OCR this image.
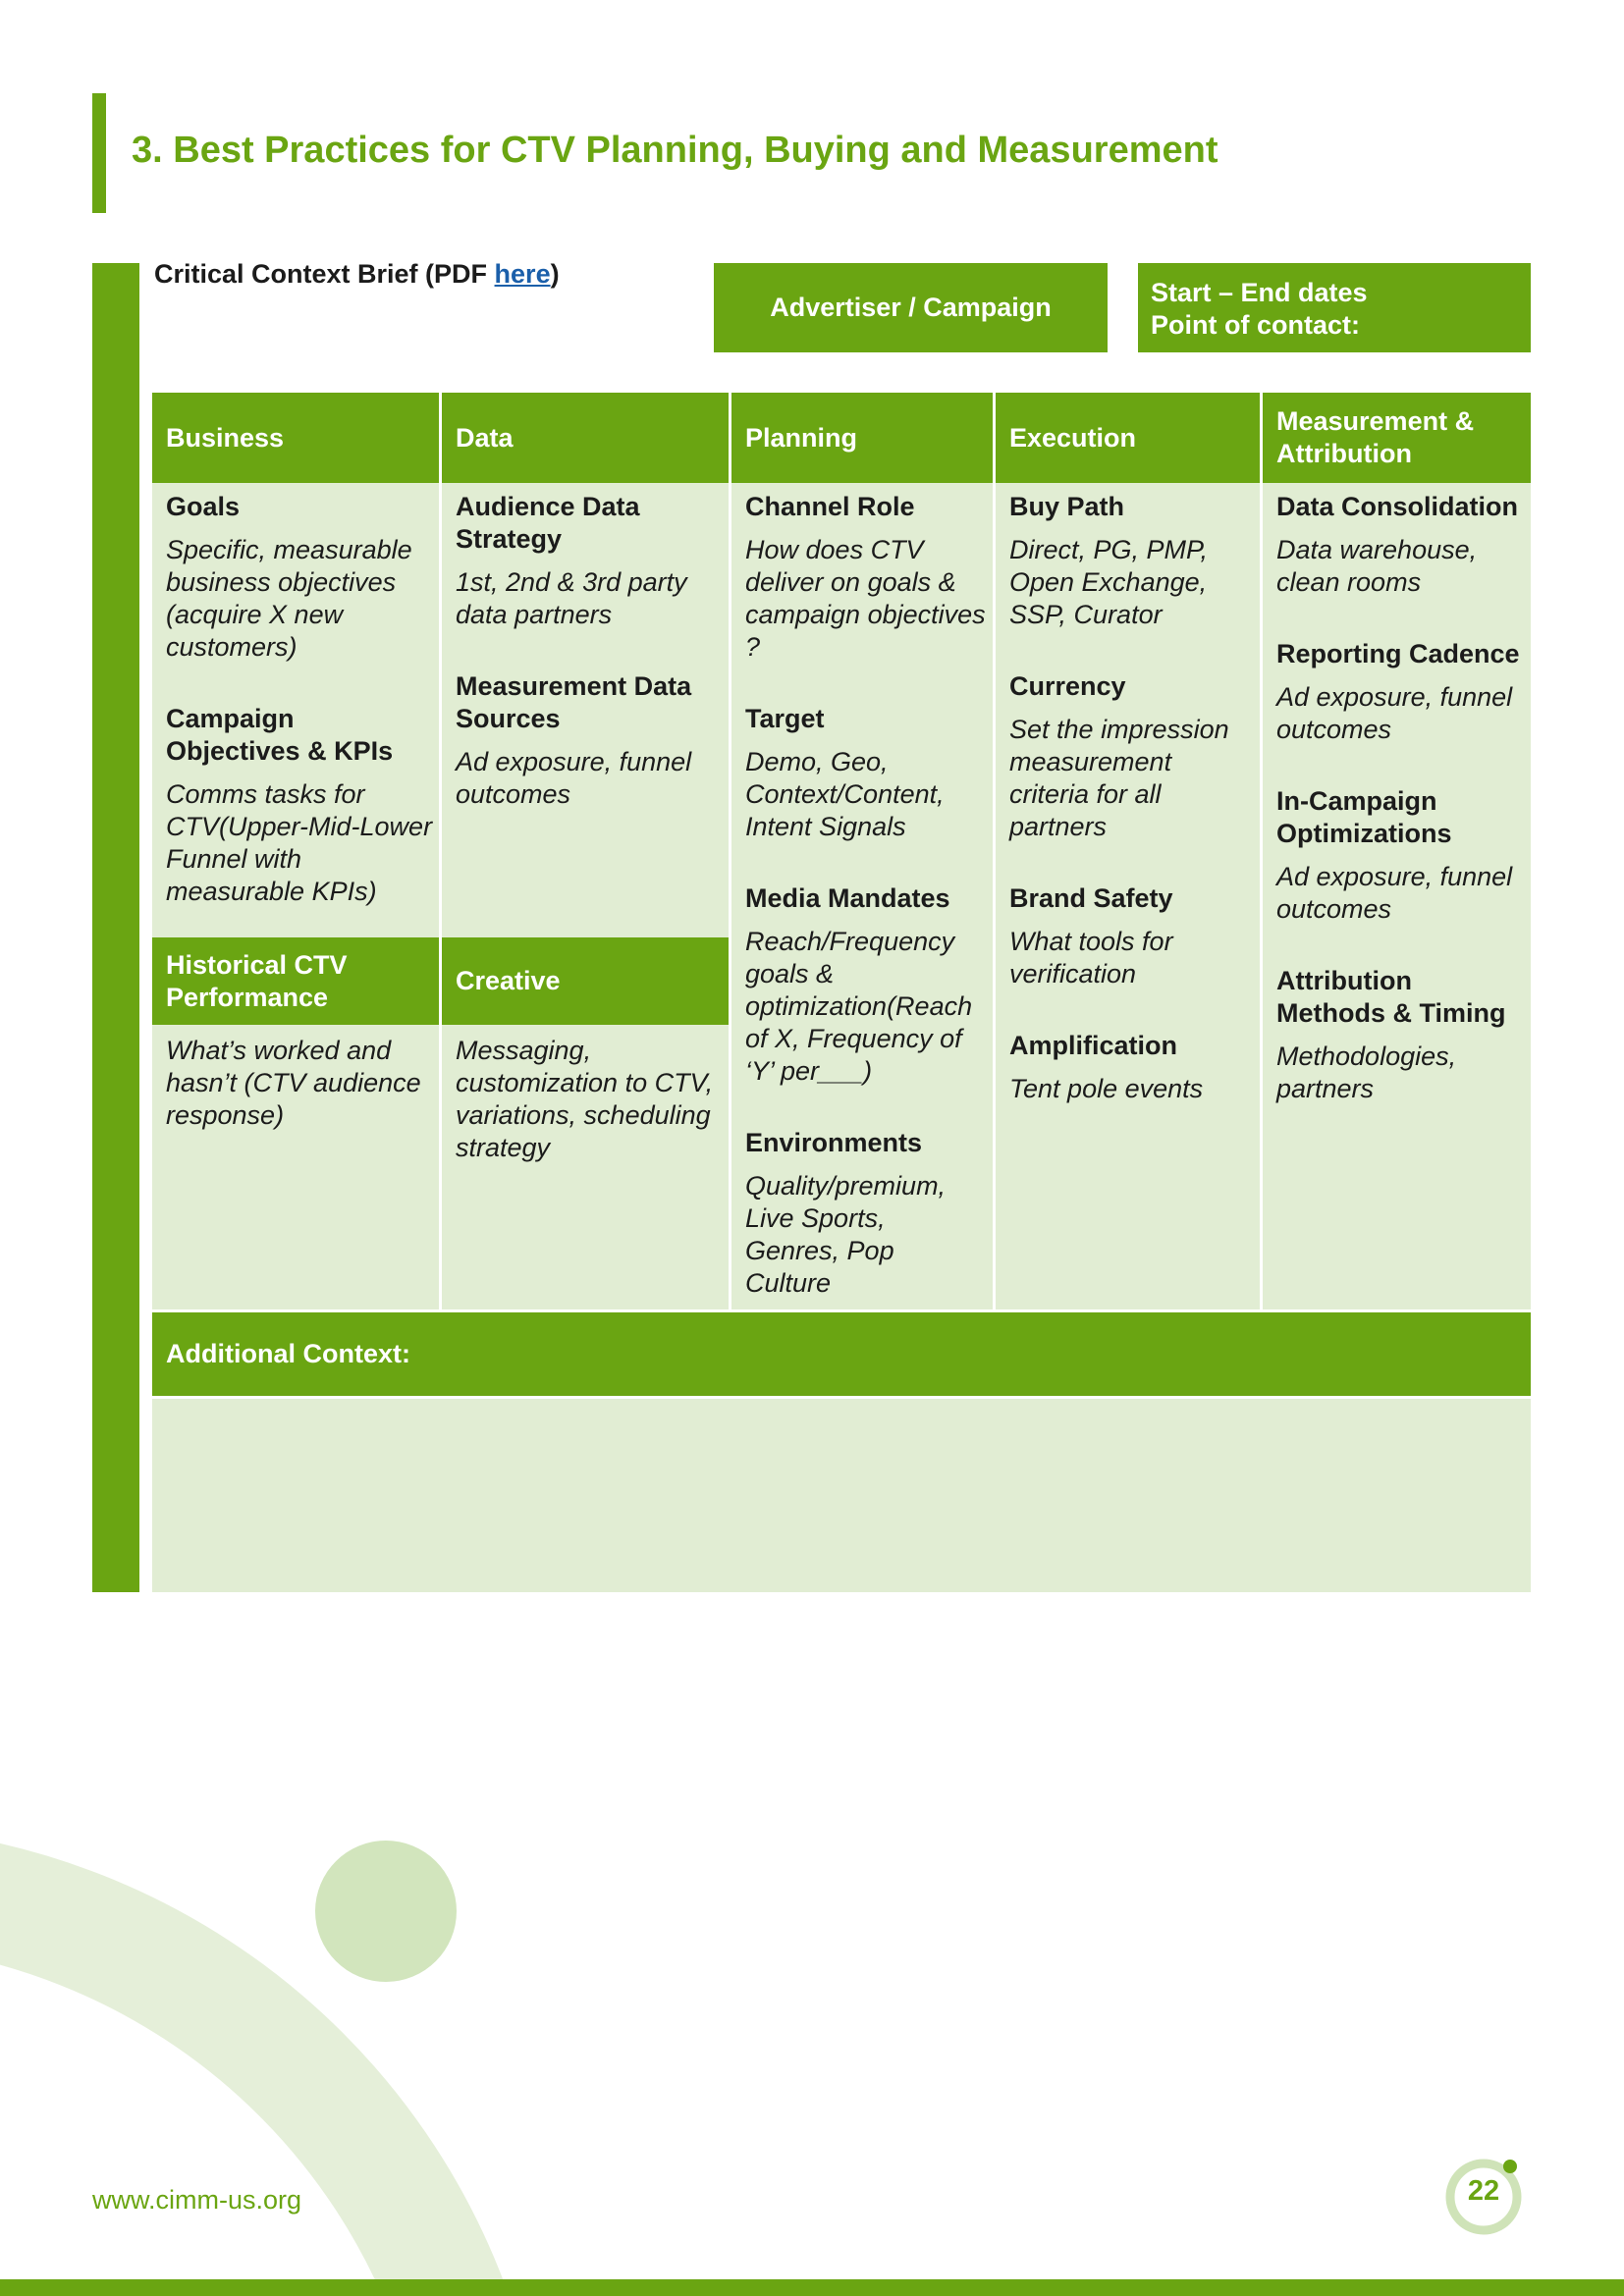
3. Best Practices for CTV Planning, Buying and Measurement
Critical Context Brief (PDF here)
Advertiser / Campaign	Start – End dates
Point of contact:
Business
Goals
Specific, measurable business objectives (acquire X new customers)
Campaign Objectives & KPIs
Comms tasks for CTV(Upper-Mid-Lower Funnel with measurable KPIs)
Historical CTV Performance
What’s worked and hasn’t (CTV audience response)
Data
Audience Data Strategy
1st, 2nd & 3rd party data partners
Measurement Data Sources
Ad exposure, funnel outcomes
Creative
Messaging, customization to CTV, variations, scheduling strategy
Planning
Channel Role
How does CTV deliver on goals & campaign objectives ?
Target
Demo, Geo, Context/Content, Intent Signals
Media Mandates
Reach/Frequency goals & optimization(Reach of X, Frequency of ‘Y’ per___)
Environments
Quality/premium, Live Sports, Genres, Pop Culture
Execution
Buy Path
Direct, PG, PMP, Open Exchange, SSP, Curator
Currency
Set the impression measurement criteria for all partners
Brand Safety
What tools for verification
Amplification
Tent pole events
Measurement & Attribution
Data Consolidation
Data warehouse, clean rooms
Reporting Cadence
Ad exposure, funnel outcomes
In-Campaign Optimizations
Ad exposure, funnel outcomes
Attribution Methods & Timing
Methodologies, partners
Additional Context:
www.cimm-us.org	22
